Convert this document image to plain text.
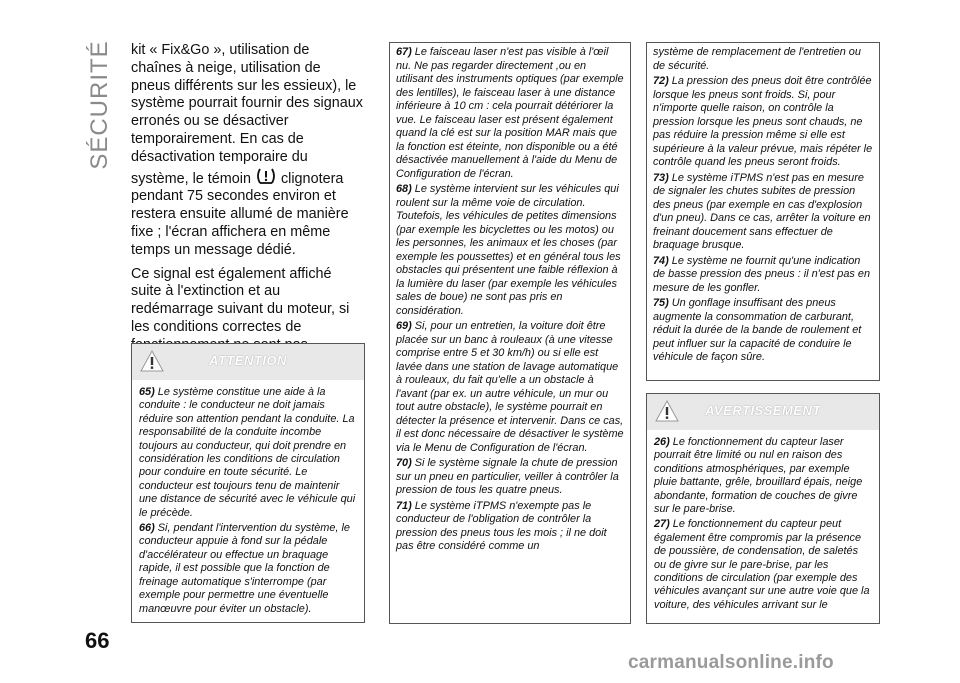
SÉCURITÉ
66

kit « Fix&Go », utilisation de chaînes à neige, utilisation de pneus différents sur les essieux), le système pourrait fournir des signaux erronés ou se désactiver temporairement. En cas de désactivation temporaire du système, le témoin clignotera pendant 75 secondes environ et restera ensuite allumé de manière fixe ; l'écran affichera en même temps un message dédié.

Ce signal est également affiché suite à l'extinction et au redémarrage suivant du moteur, si les conditions correctes de

ATTENTION

65) Le système constitue une aide à la conduite : le conducteur ne doit jamais réduire son attention pendant la conduite. La responsabilité de la conduite incombe toujours au conducteur, qui doit prendre en considération les conditions de circulation pour conduire en toute sécurité. Le conducteur est toujours tenu de maintenir une distance de sécurité avec le véhicule qui le précède.

66) Si, pendant l'intervention du système, le conducteur appuie à fond sur la pédale d'accélérateur ou effectue un braquage rapide, il est possible que la fonction de freinage automatique s'interrompe (par exemple pour permettre une éventuelle manœuvre pour éviter un obstacle).

67) Le faisceau laser n'est pas visible à l'œil nu. Ne pas regarder directement ,ou en utilisant des instruments optiques (par exemple des lentilles), le faisceau laser à une distance inférieure à 10 cm : cela pourrait détériorer la vue. Le faisceau laser est présent également quand la clé est sur la position MAR mais que la fonction est éteinte, non disponible ou a été désactivée manuellement à l'aide du Menu de Configuration de l'écran.

68) Le système intervient sur les véhicules qui roulent sur la même voie de circulation. Toutefois, les véhicules de petites dimensions (par exemple les bicyclettes ou les motos) ou les personnes, les animaux et les choses (par exemple les poussettes) et en général tous les obstacles qui présentent une faible réflexion à la lumière du laser (par exemple les véhicules sales de boue) ne sont pas pris en considération.

69) Si, pour un entretien, la voiture doit être placée sur un banc à rouleaux (à une vitesse comprise entre 5 et 30 km/h) ou si elle est lavée dans une station de lavage automatique à rouleaux, du fait qu'elle a un obstacle à l'avant (par ex. un autre véhicule, un mur ou tout autre obstacle), le système pourrait en détecter la présence et intervenir. Dans ce cas, il est donc nécessaire de désactiver le système via le Menu de Configuration de l'écran.

70) Si le système signale la chute de pression sur un pneu en particulier, veiller à contrôler la pression de tous les quatre pneus.

71) Le système iTPMS n'exempte pas le conducteur de l'obligation de contrôler la pression des pneus tous les mois ; il ne doit pas être considéré comme un

système de remplacement de l'entretien ou de sécurité.

72) La pression des pneus doit être contrôlée lorsque les pneus sont froids. Si, pour n'importe quelle raison, on contrôle la pression lorsque les pneus sont chauds, ne pas réduire la pression même si elle est supérieure à la valeur prévue, mais répéter le contrôle quand les pneus seront froids.

73) Le système iTPMS n'est pas en mesure de signaler les chutes subites de pression des pneus (par exemple en cas d'explosion d'un pneu). Dans ce cas, arrêter la voiture en freinant doucement sans effectuer de braquage brusque.

74) Le système ne fournit qu'une indication de basse pression des pneus : il n'est pas en mesure de les gonfler.

75) Un gonflage insuffisant des pneus augmente la consommation de carburant, réduit la durée de la bande de roulement et peut influer sur la capacité de conduire le véhicule de façon sûre.

AVERTISSEMENT

26) Le fonctionnement du capteur laser pourrait être limité ou nul en raison des conditions atmosphériques, par exemple pluie battante, grêle, brouillard épais, neige abondante, formation de couches de givre sur le pare-brise.

27) Le fonctionnement du capteur peut également être compromis par la présence de poussière, de condensation, de saletés ou de givre sur le pare-brise, par les conditions de circulation (par exemple des véhicules avançant sur une autre voie que la voiture, des véhicules arrivant sur le

carmanualsonline.info
